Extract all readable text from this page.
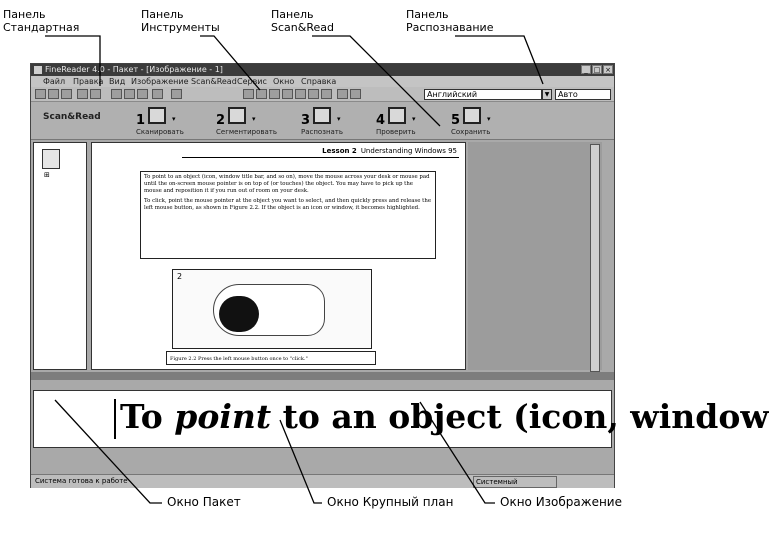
Панель
Стандартная
Панель
Инструменты
Панель
Scan&Read
Панель
Распознавание
Окно Пакет	Окно Крупный план	Окно Изображение
FineReader 4.0 - Пакет - [Изображение - 1]	_ □ ×
Файл Правка Вид Изображение Scan&Read Сервис Окно Справка
Английский	▼	Авто
Scan&Read	1	▾
Сканировать
2	▾
Сегментировать
3	▾
Распознать
4	▾
Проверить
5	▾
Сохранить
⊞
Lesson 2 Understanding Windows 95

To point to an object (icon, window title bar, and so on), move the mouse across your desk or mouse pad until the on-screen mouse pointer is on top of (or touches) the object. You may have to pick up the mouse and reposition it if you run out of room on your desk.

To click, point the mouse pointer at the object you want to select, and then quickly press and release the left mouse button, as shown in Figure 2.2. If the object is an icon or window, it becomes highlighted.

2
Figure 2.2 Press the left mouse button once to "click."
To point to an object (icon, window
Система готова к работе	Системный
